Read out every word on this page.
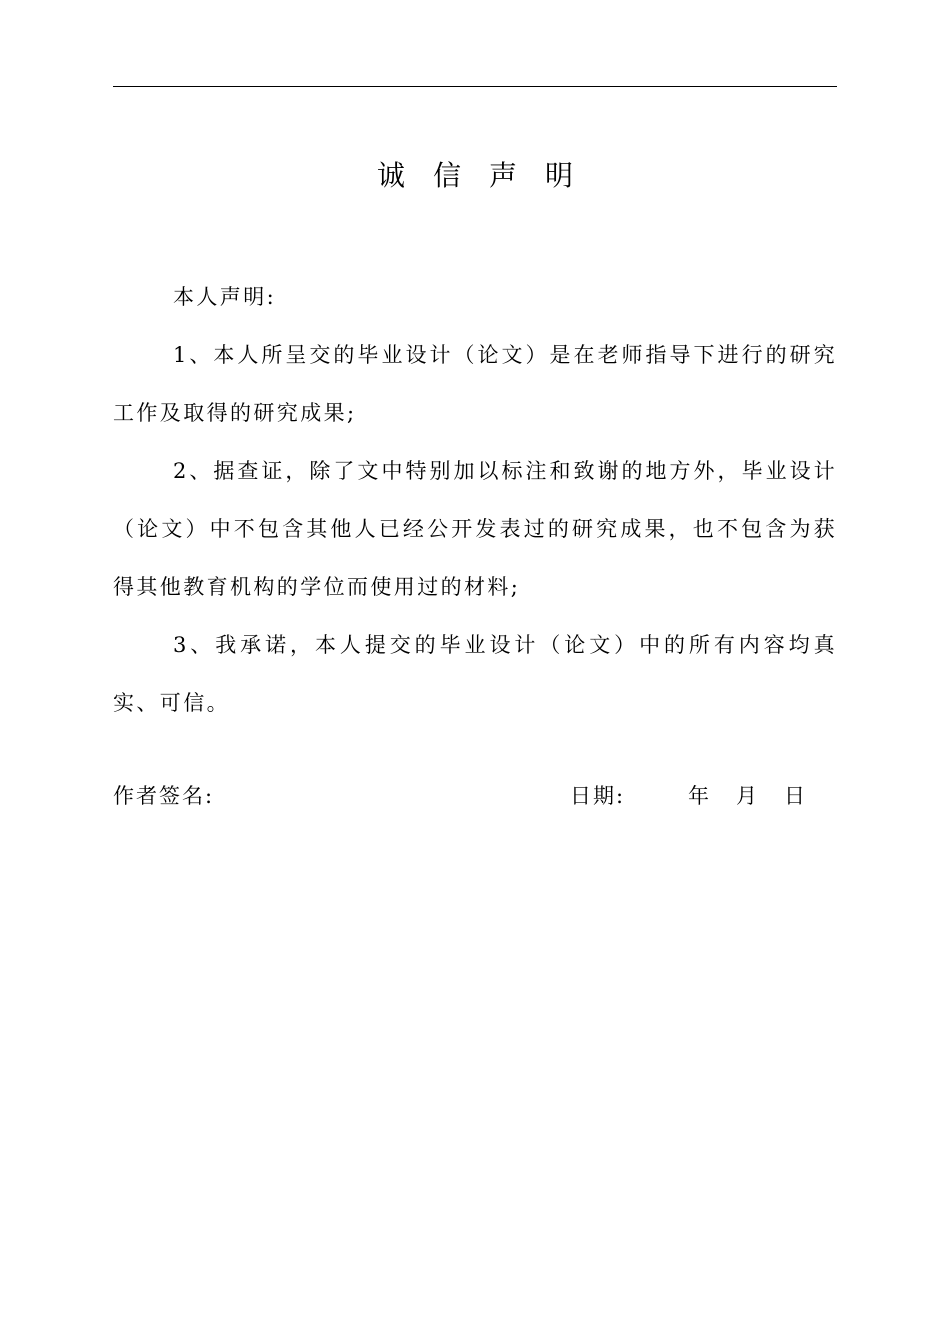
诚信声明

本人声明:

1、本人所呈交的毕业设计（论文）是在老师指导下进行的研究工作及取得的研究成果;

2、据查证，除了文中特别加以标注和致谢的地方外，毕业设计（论文）中不包含其他人已经公开发表过的研究成果，也不包含为获得其他教育机构的学位而使用过的材料;

3、我承诺，本人提交的毕业设计（论文）中的所有内容均真实、可信。

作者签名:	日期:	年 月 日
